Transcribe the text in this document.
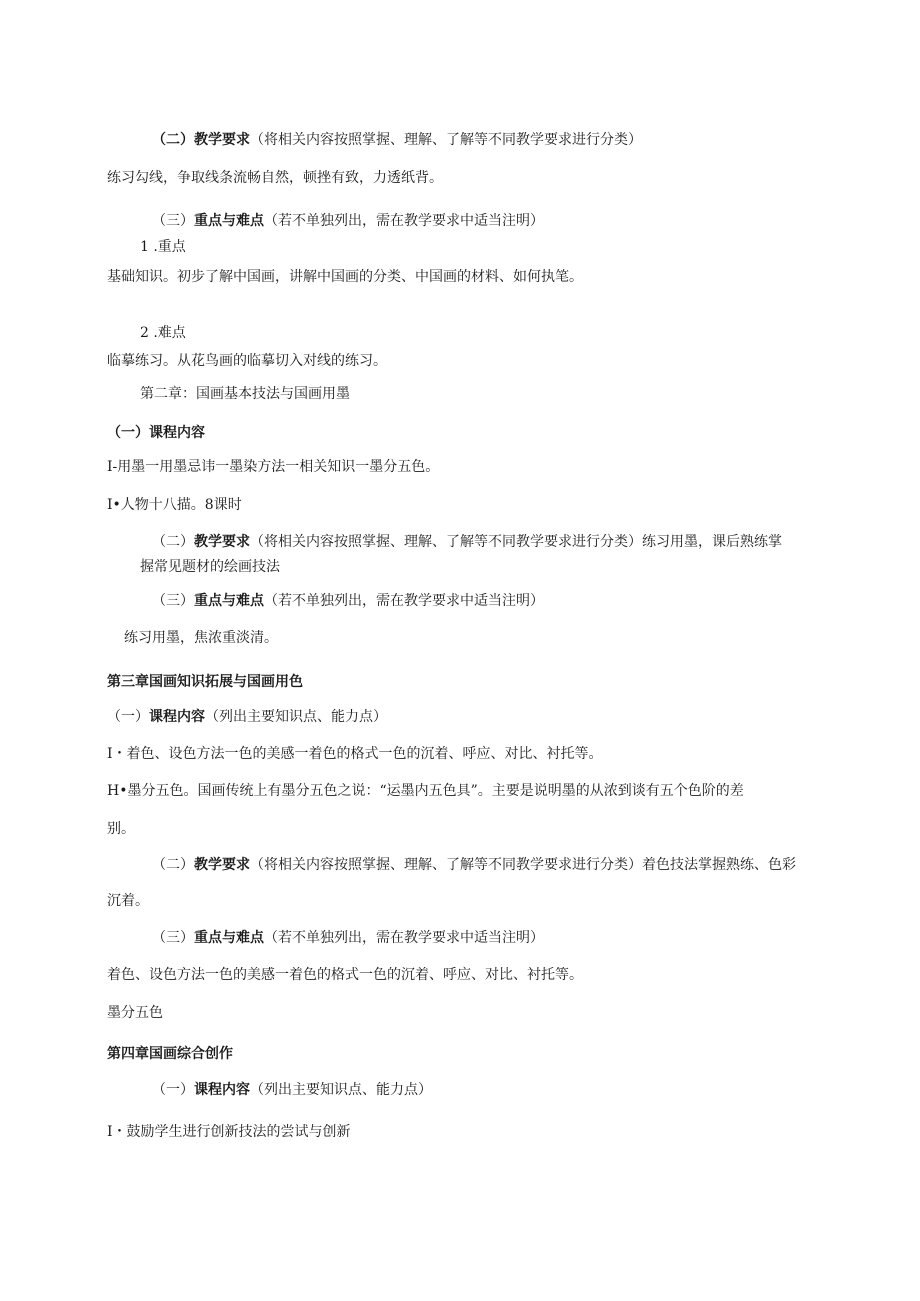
（二）教学要求（将相关内容按照掌握、理解、了解等不同教学要求进行分类）
练习勾线，争取线条流畅自然，顿挫有致，力透纸背。
（三）重点与难点（若不单独列出，需在教学要求中适当注明）
1 .重点
基础知识。初步了解中国画，讲解中国画的分类、中国画的材料、如何执笔。
2 .难点
临摹练习。从花鸟画的临摹切入对线的练习。
第二章：国画基本技法与国画用墨
（一）课程内容
I-用墨一用墨忌讳一墨染方法一相关知识一墨分五色。
I•人物十八描。8课时
（二）教学要求（将相关内容按照掌握、理解、了解等不同教学要求进行分类）练习用墨，课后熟练掌
握常见题材的绘画技法
（三）重点与难点（若不单独列出，需在教学要求中适当注明）
练习用墨，焦浓重淡清。
第三章国画知识拓展与国画用色
（一）课程内容（列出主要知识点、能力点）
I・着色、设色方法一色的美感一着色的格式一色的沉着、呼应、对比、衬托等。
H•墨分五色。国画传统上有墨分五色之说：“运墨内五色具”。主要是说明墨的从浓到谈有五个色阶的差
别。
（二）教学要求（将相关内容按照掌握、理解、了解等不同教学要求进行分类）着色技法掌握熟练、色彩
沉着。
（三）重点与难点（若不单独列出，需在教学要求中适当注明）
着色、设色方法一色的美感一着色的格式一色的沉着、呼应、对比、衬托等。
墨分五色
第四章国画综合创作
（一）课程内容（列出主要知识点、能力点）
I・鼓励学生进行创新技法的尝试与创新
